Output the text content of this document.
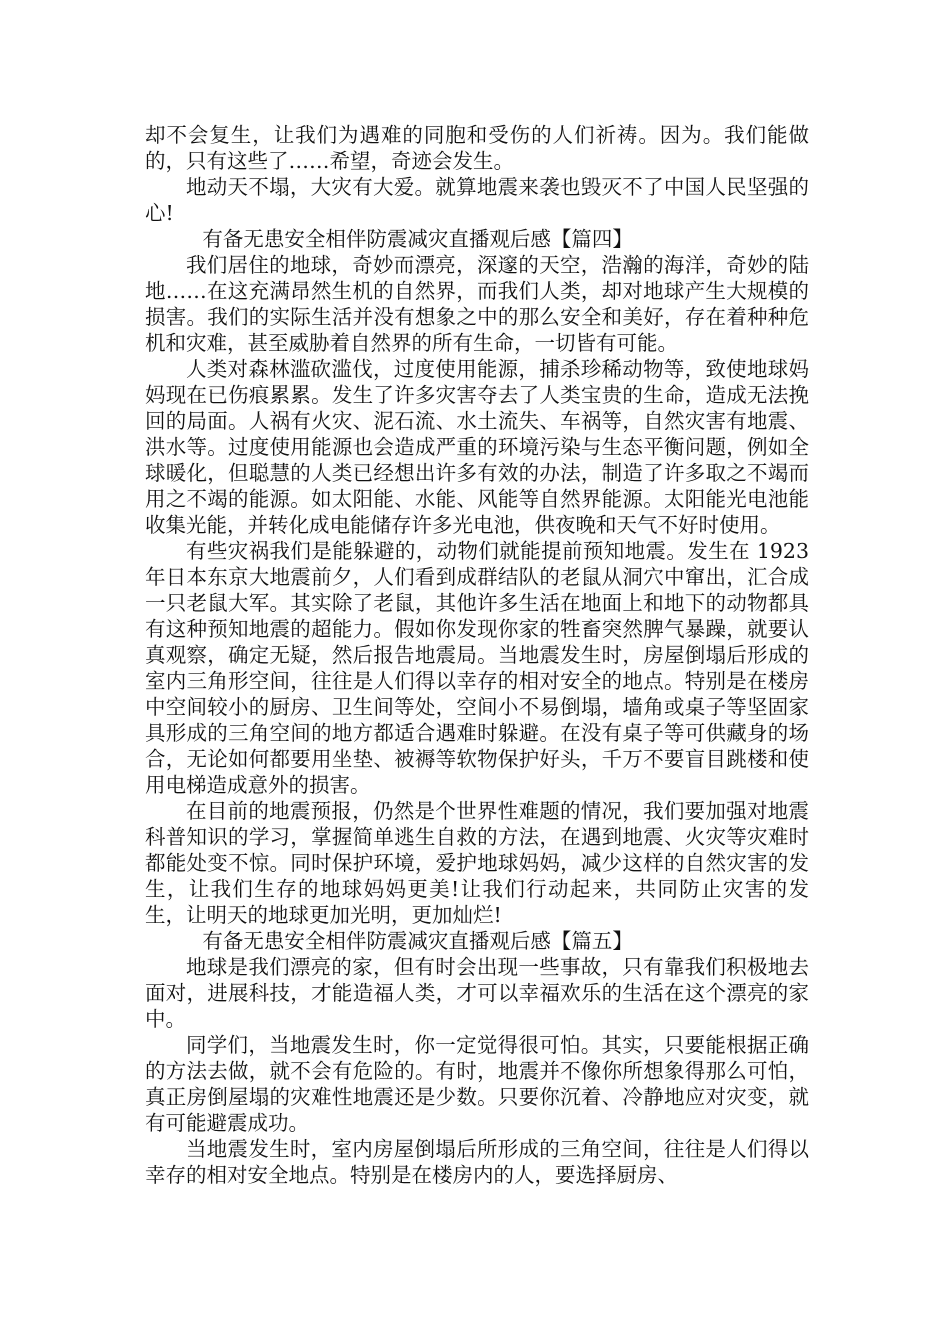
却不会复生，让我们为遇难的同胞和受伤的人们祈祷。因为。我们能做的，只有这些了……希望，奇迹会发生。

地动天不塌，大灾有大爱。就算地震来袭也毁灭不了中国人民坚强的心!

有备无患安全相伴防震减灾直播观后感【篇四】

我们居住的地球，奇妙而漂亮，深邃的天空，浩瀚的海洋，奇妙的陆地……在这充满昂然生机的自然界，而我们人类，却对地球产生大规模的损害。我们的实际生活并没有想象之中的那么安全和美好，存在着种种危机和灾难，甚至威胁着自然界的所有生命，一切皆有可能。

人类对森林滥砍滥伐，过度使用能源，捕杀珍稀动物等，致使地球妈妈现在已伤痕累累。发生了许多灾害夺去了人类宝贵的生命，造成无法挽回的局面。人祸有火灾、泥石流、水土流失、车祸等，自然灾害有地震、洪水等。过度使用能源也会造成严重的环境污染与生态平衡问题，例如全球暖化，但聪慧的人类已经想出许多有效的办法，制造了许多取之不竭而用之不竭的能源。如太阳能、水能、风能等自然界能源。太阳能光电池能收集光能，并转化成电能储存许多光电池，供夜晚和天气不好时使用。

有些灾祸我们是能躲避的，动物们就能提前预知地震。发生在 1923 年日本东京大地震前夕，人们看到成群结队的老鼠从洞穴中窜出，汇合成一只老鼠大军。其实除了老鼠，其他许多生活在地面上和地下的动物都具有这种预知地震的超能力。假如你发现你家的牲畜突然脾气暴躁，就要认真观察，确定无疑，然后报告地震局。当地震发生时，房屋倒塌后形成的室内三角形空间，往往是人们得以幸存的相对安全的地点。特别是在楼房中空间较小的厨房、卫生间等处，空间小不易倒塌，墙角或桌子等坚固家具形成的三角空间的地方都适合遇难时躲避。在没有桌子等可供藏身的场合，无论如何都要用坐垫、被褥等软物保护好头，千万不要盲目跳楼和使用电梯造成意外的损害。

在目前的地震预报，仍然是个世界性难题的情况，我们要加强对地震科普知识的学习，掌握简单逃生自救的方法，在遇到地震、火灾等灾难时都能处变不惊。同时保护环境，爱护地球妈妈，减少这样的自然灾害的发生，让我们生存的地球妈妈更美!让我们行动起来，共同防止灾害的发生，让明天的地球更加光明，更加灿烂!

有备无患安全相伴防震减灾直播观后感【篇五】

地球是我们漂亮的家，但有时会出现一些事故，只有靠我们积极地去面对，进展科技，才能造福人类，才可以幸福欢乐的生活在这个漂亮的家中。

同学们，当地震发生时，你一定觉得很可怕。其实，只要能根据正确的方法去做，就不会有危险的。有时，地震并不像你所想象得那么可怕，真正房倒屋塌的灾难性地震还是少数。只要你沉着、冷静地应对灾变，就有可能避震成功。

当地震发生时，室内房屋倒塌后所形成的三角空间，往往是人们得以幸存的相对安全地点。特别是在楼房内的人，要选择厨房、
